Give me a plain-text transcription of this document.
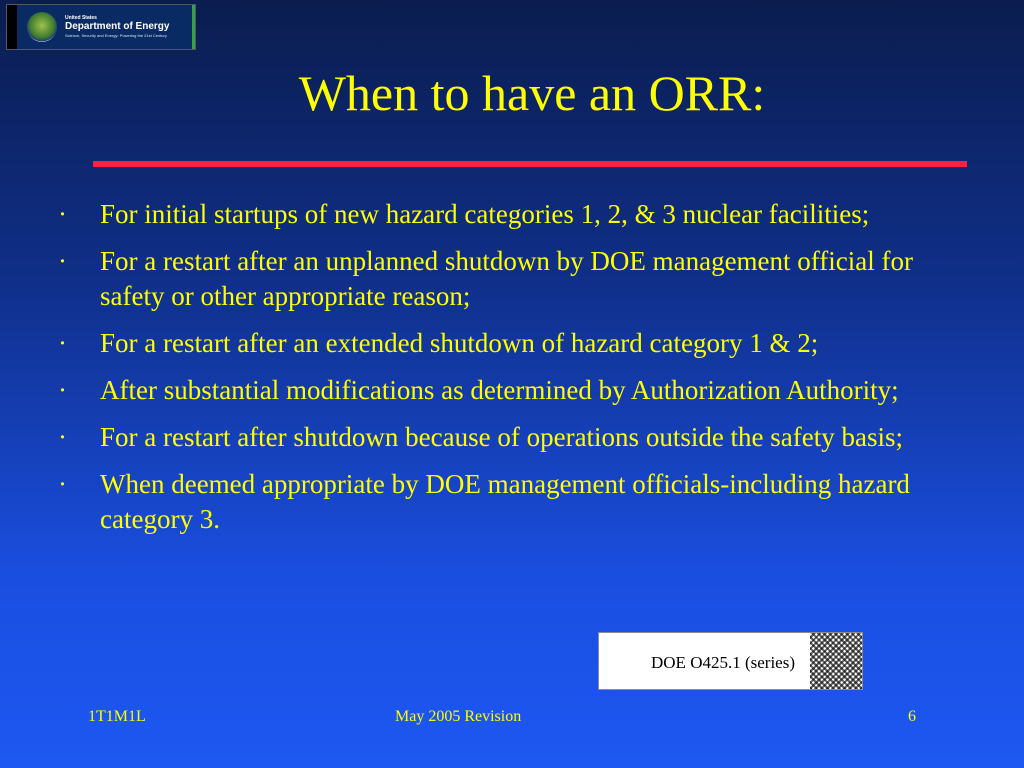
United States
Department of Energy
Science, Security and Energy: Powering the 21st Century
When to have an ORR:
· For initial startups of new hazard categories 1, 2, & 3 nuclear facilities;
· For a restart after an unplanned shutdown by DOE management official for safety or other appropriate reason;
· For a restart after an extended shutdown of hazard category 1 & 2;
· After substantial modifications as determined by Authorization Authority;
· For a restart after shutdown because of operations outside the safety basis;
· When deemed appropriate by DOE management officials-including hazard category 3.
DOE O425.1 (series)
1T1M1L	May 2005 Revision	6
